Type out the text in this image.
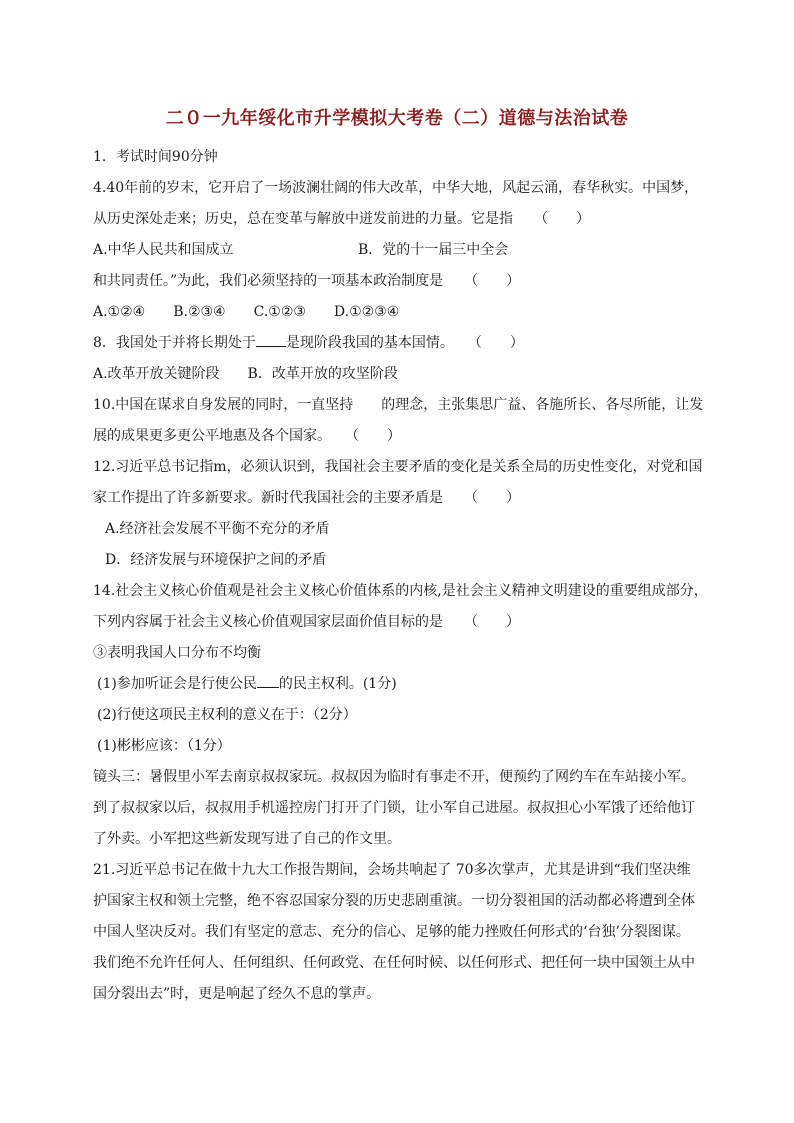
二０一九年绥化市升学模拟大考卷（二）道德与法治试卷
1．考试时间90分钟
4.40年前的岁末，它开启了一场波澜壮阔的伟大改革，中华大地，风起云涌，春华秋实。中国梦，
从历史深处走来；历史，总在变革与解放中迸发前进的力量。它是指　　（　　）
A.中华人民共和国成立	B．党的十一届三中全会
和共同责任。”为此，我们必须坚持的一项基本政治制度是　　（　　）
A.①②④　　B.②③④　　C.①②③　　D.①②③④
8．我国处于并将长期处于 是现阶段我国的基本国情。　　（　　）
A.改革开放关键阶段　　B．改革开放的攻坚阶段
10.中国在谋求自身发展的同时，一直坚持 的理念，主张集思广益、各施所长、各尽所能，让发
展的成果更多更公平地惠及各个国家。　　（　　）
12.习近平总书记指m，必须认识到，我国社会主要矛盾的变化是关系全局的历史性变化，对党和国
家工作提出了许多新要求。新时代我国社会的主要矛盾是　　（　　）
A.经济社会发展不平衡不充分的矛盾
D．经济发展与环境保护之间的矛盾
14.社会主义核心价值观是社会主义核心价值体系的内核,是社会主义精神文明建设的重要组成部分，
下列内容属于社会主义核心价值观国家层面价值目标的是　　（　　）
③表明我国人口分布不均衡
(1)参加听证会是行使公民 的民主权利。(1分)
(2)行使这项民主权利的意义在于：（2分）
(1)彬彬应该：（1分）
镜头三：暑假里小军去南京叔叔家玩。叔叔因为临时有事走不开，便预约了网约车在车站接小军。
到了叔叔家以后，叔叔用手机遥控房门打开了门锁，让小军自己进屋。叔叔担心小军饿了还给他订
了外卖。小军把这些新发现写进了自己的作文里。
21.习近平总书记在做十九大工作报告期间，会场共响起了 70多次掌声，尤其是讲到“我们坚决维
护国家主权和领土完整，绝不容忍国家分裂的历史悲剧重演。一切分裂祖国的活动都必将遭到全体
中国人坚决反对。我们有坚定的意志、充分的信心、足够的能力挫败任何形式的‘台独’分裂图谋。
我们绝不允许任何人、任何组织、任何政党、在任何时候、以任何形式、把任何一块中国领土从中
国分裂出去”时，更是响起了经久不息的掌声。
